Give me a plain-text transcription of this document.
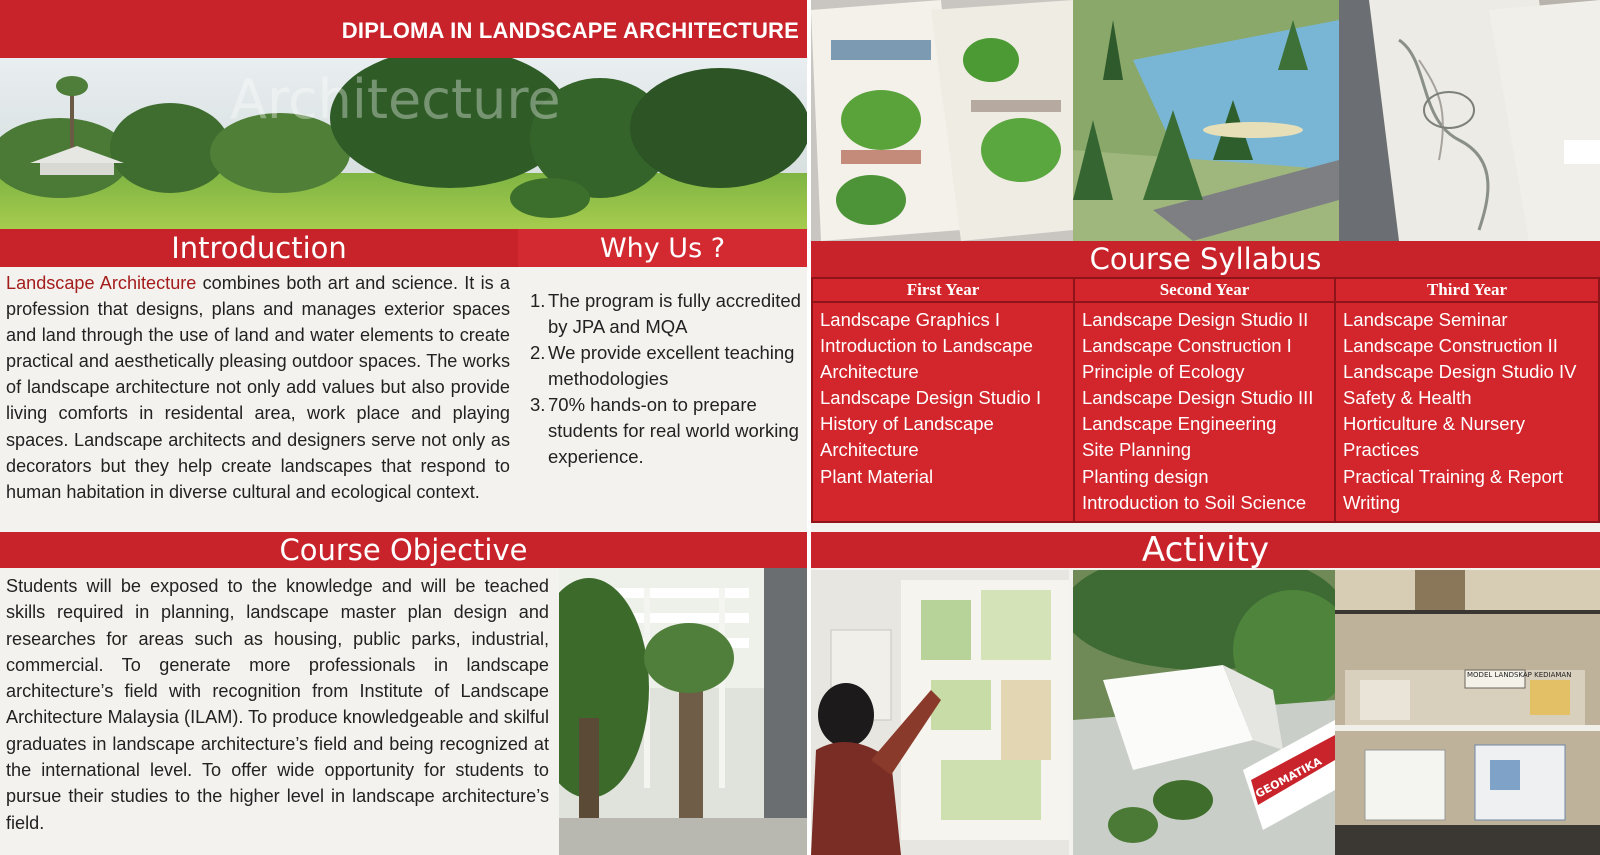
DIPLOMA IN LANDSCAPE ARCHITECTURE
Architecture
Introduction	Why Us ?
Landscape Architecture combines both art and science. It is a profession that designs, plans and manages exterior spaces and land through the use of land and water elements to create practical and aesthetically pleasing outdoor spaces. The works of landscape architecture not only add values but also provide living comforts in residental area, work place and playing spaces. Landscape architects and designers serve not only as decorators but they help create landscapes that respond to human habitation in diverse cultural and ecological context.
1. The program is fully accredited by JPA and MQA
2. We provide excellent teaching methodologies
3. 70% hands-on to prepare students for real world working experience.
Course Objective
Students will be exposed to the knowledge and will be teached skills required in planning, landscape master plan design and researches for areas such as housing, public parks, industrial, commercial. To generate more professionals in landscape architecture’s field with recognition from Institute of Landscape Architecture Malaysia (ILAM). To produce knowledgeable and skilful graduates in landscape architecture’s field and being recognized at the international level. To offer wide opportunity for students to pursue their studies to the higher level in landscape architecture’s field.
Course Syllabus
First Year
Landscape Graphics I
Introduction to Landscape Architecture
Landscape Design Studio I
History of Landscape Architecture
Plant Material
Second Year
Landscape Design Studio II
Landscape Construction I
Principle of Ecology
Landscape Design Studio III
Landscape Engineering
Site Planning
Planting design
Introduction to Soil Science
Third Year
Landscape Seminar
Landscape Construction II
Landscape Design Studio IV
Safety & Health
Horticulture & Nursery Practices
Practical Training & Report Writing
Activity
GEOMATIKA
MODEL LANDSKAP KEDIAMAN
